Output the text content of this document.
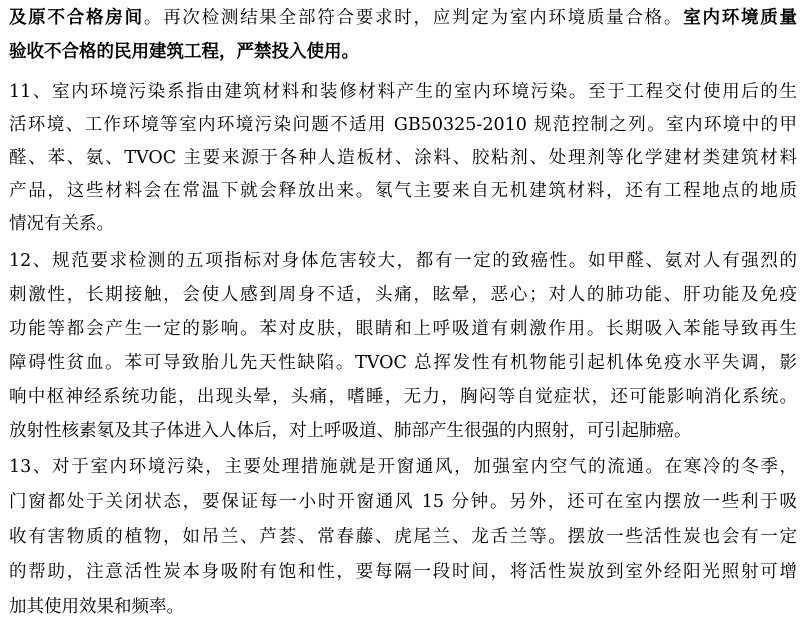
及原不合格房间。再次检测结果全部符合要求时，应判定为室内环境质量合格。室内环境质量
验收不合格的民用建筑工程，严禁投入使用。
11、室内环境污染系指由建筑材料和装修材料产生的室内环境污染。至于工程交付使用后的生
活环境、工作环境等室内环境污染问题不适用 GB50325-2010 规范控制之列。室内环境中的甲
醛、苯、氨、TVOC 主要来源于各种人造板材、涂料、胶粘剂、处理剂等化学建材类建筑材料
产品，这些材料会在常温下就会释放出来。氡气主要来自无机建筑材料，还有工程地点的地质
情况有关系。
12、规范要求检测的五项指标对身体危害较大，都有一定的致癌性。如甲醛、氨对人有强烈的
刺激性，长期接触，会使人感到周身不适，头痛，眩晕，恶心；对人的肺功能、肝功能及免疫
功能等都会产生一定的影响。苯对皮肤，眼睛和上呼吸道有刺激作用。长期吸入苯能导致再生
障碍性贫血。苯可导致胎儿先天性缺陷。TVOC 总挥发性有机物能引起机体免疫水平失调，影
响中枢神经系统功能，出现头晕，头痛，嗜睡，无力，胸闷等自觉症状，还可能影响消化系统。
放射性核素氡及其子体进入人体后，对上呼吸道、肺部产生很强的内照射，可引起肺癌。
13、对于室内环境污染，主要处理措施就是开窗通风，加强室内空气的流通。在寒冷的冬季，
门窗都处于关闭状态，要保证每一小时开窗通风 15 分钟。另外，还可在室内摆放一些利于吸
收有害物质的植物，如吊兰、芦荟、常春藤、虎尾兰、龙舌兰等。摆放一些活性炭也会有一定
的帮助，注意活性炭本身吸附有饱和性，要每隔一段时间，将活性炭放到室外经阳光照射可增
加其使用效果和频率。
